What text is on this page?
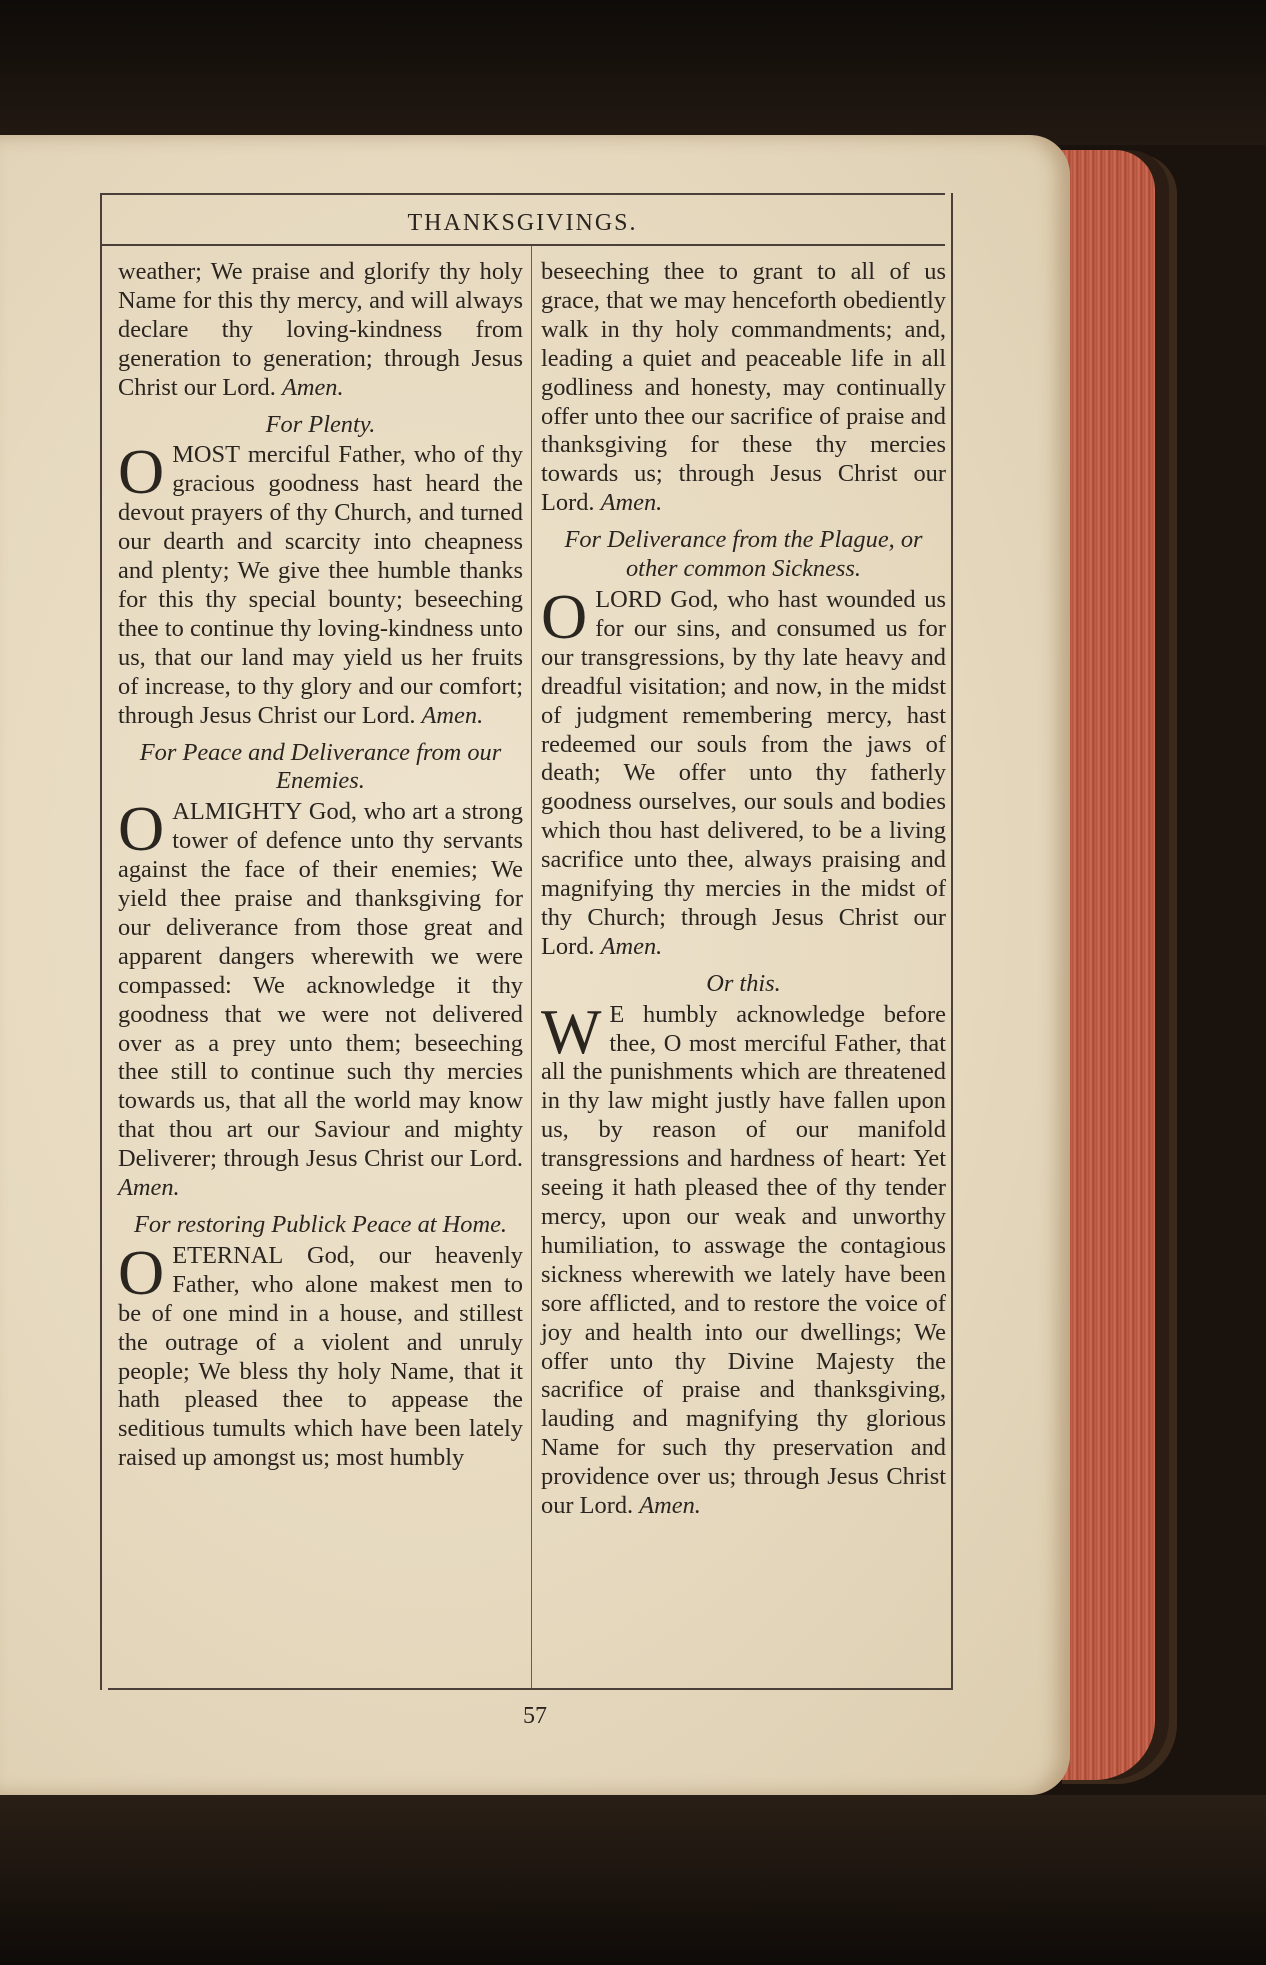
THANKSGIVINGS.

weather; We praise and glorify thy holy Name for this thy mercy, and will always declare thy loving-kindness from generation to generation; through Jesus Christ our Lord. Amen.

For Plenty.

OMOST merciful Father, who of thy gracious goodness hast heard the devout prayers of thy Church, and turned our dearth and scarcity into cheapness and plenty; We give thee humble thanks for this thy special bounty; beseeching thee to continue thy loving-kindness unto us, that our land may yield us her fruits of increase, to thy glory and our comfort; through Jesus Christ our Lord. Amen.

For Peace and Deliverance from our Enemies.

OALMIGHTY God, who art a strong tower of defence unto thy servants against the face of their enemies; We yield thee praise and thanksgiving for our deliverance from those great and apparent dangers wherewith we were compassed: We acknowledge it thy goodness that we were not delivered over as a prey unto them; beseeching thee still to continue such thy mercies towards us, that all the world may know that thou art our Saviour and mighty Deliverer; through Jesus Christ our Lord. Amen.

For restoring Publick Peace at Home.

OETERNAL God, our heavenly Father, who alone makest men to be of one mind in a house, and stillest the outrage of a violent and unruly people; We bless thy holy Name, that it hath pleased thee to appease the seditious tumults which have been lately raised up amongst us; most humbly

beseeching thee to grant to all of us grace, that we may henceforth obediently walk in thy holy commandments; and, leading a quiet and peaceable life in all godliness and honesty, may continually offer unto thee our sacrifice of praise and thanksgiving for these thy mercies towards us; through Jesus Christ our Lord. Amen.

For Deliverance from the Plague, or other common Sickness.

OLORD God, who hast wounded us for our sins, and consumed us for our transgressions, by thy late heavy and dreadful visitation; and now, in the midst of judgment remembering mercy, hast redeemed our souls from the jaws of death; We offer unto thy fatherly goodness ourselves, our souls and bodies which thou hast delivered, to be a living sacrifice unto thee, always praising and magnifying thy mercies in the midst of thy Church; through Jesus Christ our Lord. Amen.

Or this.

W E humbly acknowledge before thee, O most merciful Father, that all the punishments which are threatened in thy law might justly have fallen upon us, by reason of our manifold transgressions and hardness of heart: Yet seeing it hath pleased thee of thy tender mercy, upon our weak and unworthy humiliation, to asswage the contagious sickness wherewith we lately have been sore afflicted, and to restore the voice of joy and health into our dwellings; We offer unto thy Divine Majesty the sacrifice of praise and thanksgiving, lauding and magnifying thy glorious Name for such thy preservation and providence over us; through Jesus Christ our Lord. Amen.

57
